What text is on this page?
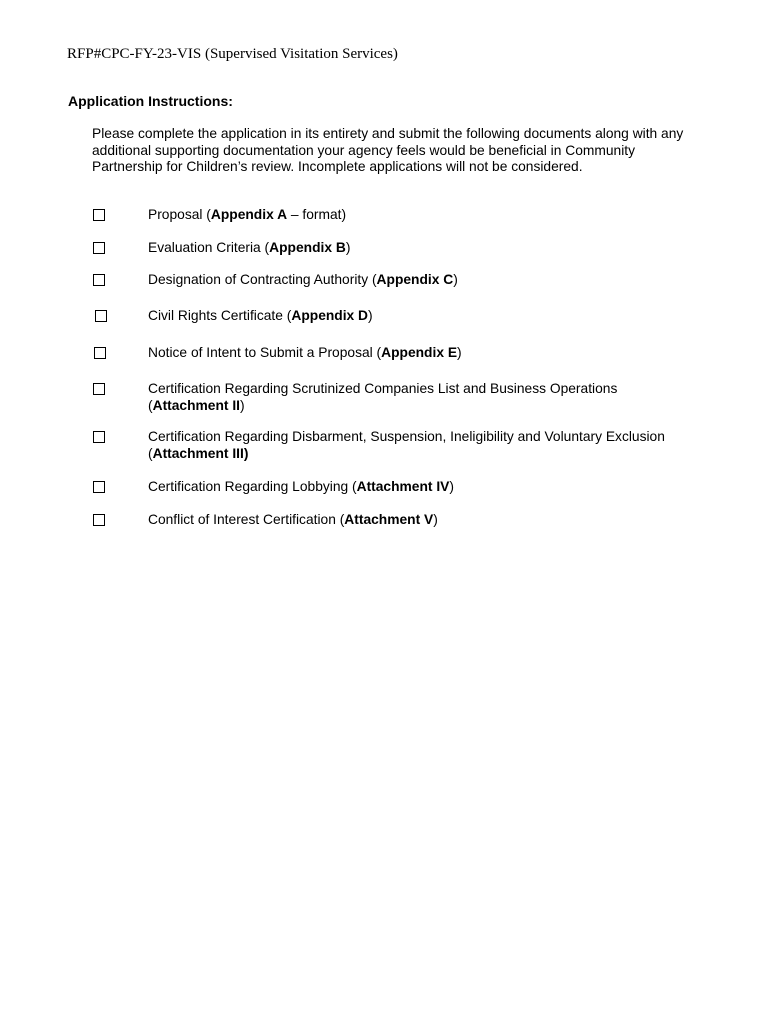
RFP#CPC-FY-23-VIS (Supervised Visitation Services)
Application Instructions:

Please complete the application in its entirety and submit the following documents along with any additional supporting documentation your agency feels would be beneficial in Community Partnership for Children’s review. Incomplete applications will not be considered.

Proposal (Appendix A – format)
Evaluation Criteria (Appendix B)
Designation of Contracting Authority (Appendix C)
Civil Rights Certificate (Appendix D)
Notice of Intent to Submit a Proposal (Appendix E)
Certification Regarding Scrutinized Companies List and Business Operations (Attachment II)
Certification Regarding Disbarment, Suspension, Ineligibility and Voluntary Exclusion (Attachment III)
Certification Regarding Lobbying (Attachment IV)
Conflict of Interest Certification (Attachment V)
